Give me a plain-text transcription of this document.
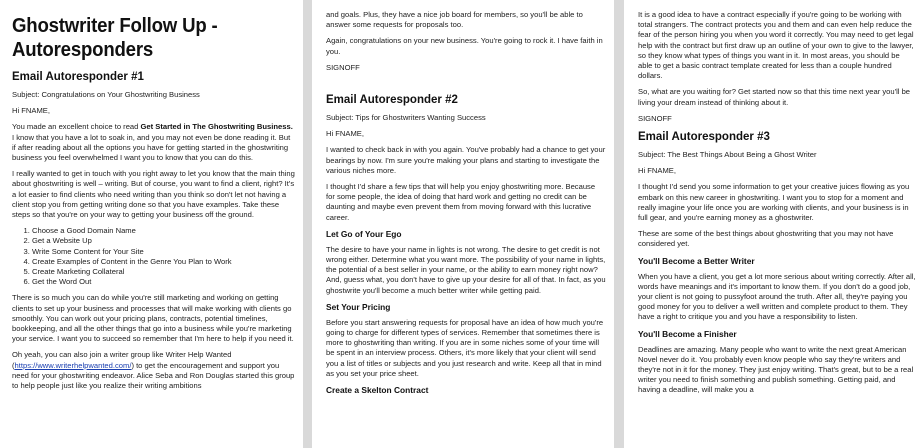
Ghostwriter Follow Up - Autoresponders
Email Autoresponder #1

Subject: Congratulations on Your Ghostwriting Business

Hi FNAME,

You made an excellent choice to read Get Started in The Ghostwriting Business. I know that you have a lot to soak in, and you may not even be done reading it. But if after reading about all the options you have for getting started in the ghostwriting business you feel overwhelmed I want you to know that you can do this.

I really wanted to get in touch with you right away to let you know that the main thing about ghostwriting is well – writing. But of course, you want to find a client, right? It's a lot easier to find clients who need writing than you think so don't let not having a client stop you from getting writing done so that you have examples. Take these steps so that you're on your way to getting your business off the ground.

1. Choose a Good Domain Name
2. Get a Website Up
3. Write Some Content for Your Site
4. Create Examples of Content in the Genre You Plan to Work
5. Create Marketing Collateral
6. Get the Word Out

There is so much you can do while you're still marketing and working on getting clients to set up your business and processes that will make working with clients go smoothly. You can work out your pricing plans, contracts, potential timelines, bookkeeping, and all the other things that go into a business while you're marketing your service. I want you to succeed so remember that I'm here to help if you need it.

Oh yeah, you can also join a writer group like Writer Help Wanted (https://www.writerhelpwanted.com/) to get the encouragement and support you need for your ghostwriting endeavor. Alice Seba and Ron Douglas started this group to help people just like you realize their writing ambitions

and goals. Plus, they have a nice job board for members, so you'll be able to answer some requests for proposals too.

Again, congratulations on your new business. You're going to rock it. I have faith in you.

SIGNOFF

Email Autoresponder #2

Subject: Tips for Ghostwriters Wanting Success

Hi FNAME,

I wanted to check back in with you again. You've probably had a chance to get your bearings by now. I'm sure you're making your plans and starting to investigate the various niches more.

I thought I'd share a few tips that will help you enjoy ghostwriting more. Because for some people, the idea of doing that hard work and getting no credit can be daunting and maybe even prevent them from moving forward with this lucrative career.

Let Go of Your Ego

The desire to have your name in lights is not wrong. The desire to get credit is not wrong either. Determine what you want more. The possibility of your name in lights, the potential of a best seller in your name, or the ability to earn money right now? And, guess what, you don't have to give up your desire for all of that. In fact, as you ghostwrite you'll become a much better writer while getting paid.

Set Your Pricing

Before you start answering requests for proposal have an idea of how much you're going to charge for different types of services. Remember that sometimes there is more to ghostwriting than writing. If you are in some niches some of your time will be spent in an interview process. Others, it's more likely that your client will send you a list of titles or subjects and you just research and write. Keep all that in mind as you set your price sheet.

Create a Skelton Contract

It is a good idea to have a contract especially if you're going to be working with total strangers. The contract protects you and them and can even help reduce the fear of the person hiring you when you word it correctly. You may need to get legal help with the contract but first draw up an outline of your own to give to the lawyer, so they know what types of things you want in it. In most areas, you should be able to get a basic contract template created for less than a couple hundred dollars.

So, what are you waiting for? Get started now so that this time next year you'll be living your dream instead of thinking about it.

SIGNOFF

Email Autoresponder #3

Subject: The Best Things About Being a Ghost Writer

Hi FNAME,

I thought I'd send you some information to get your creative juices flowing as you embark on this new career in ghostwriting. I want you to stop for a moment and really imagine your life once you are working with clients, and your business is in full gear, and you're earning money as a ghostwriter.

These are some of the best things about ghostwriting that you may not have considered yet.

You'll Become a Better Writer

When you have a client, you get a lot more serious about writing correctly. After all, words have meanings and it's important to know them. If you don't do a good job, your client is not going to pussyfoot around the truth. After all, they're paying you good money for you to deliver a well written and complete product to them. They have a right to critique you and you have a responsibility to listen.

You'll Become a Finisher

Deadlines are amazing. Many people who want to write the next great American Novel never do it. You probably even know people who say they're writers and they're not in it for the money. They just enjoy writing. That's great, but to be a real writer you need to finish something and publish something. Getting paid, and having a deadline, will make you a
